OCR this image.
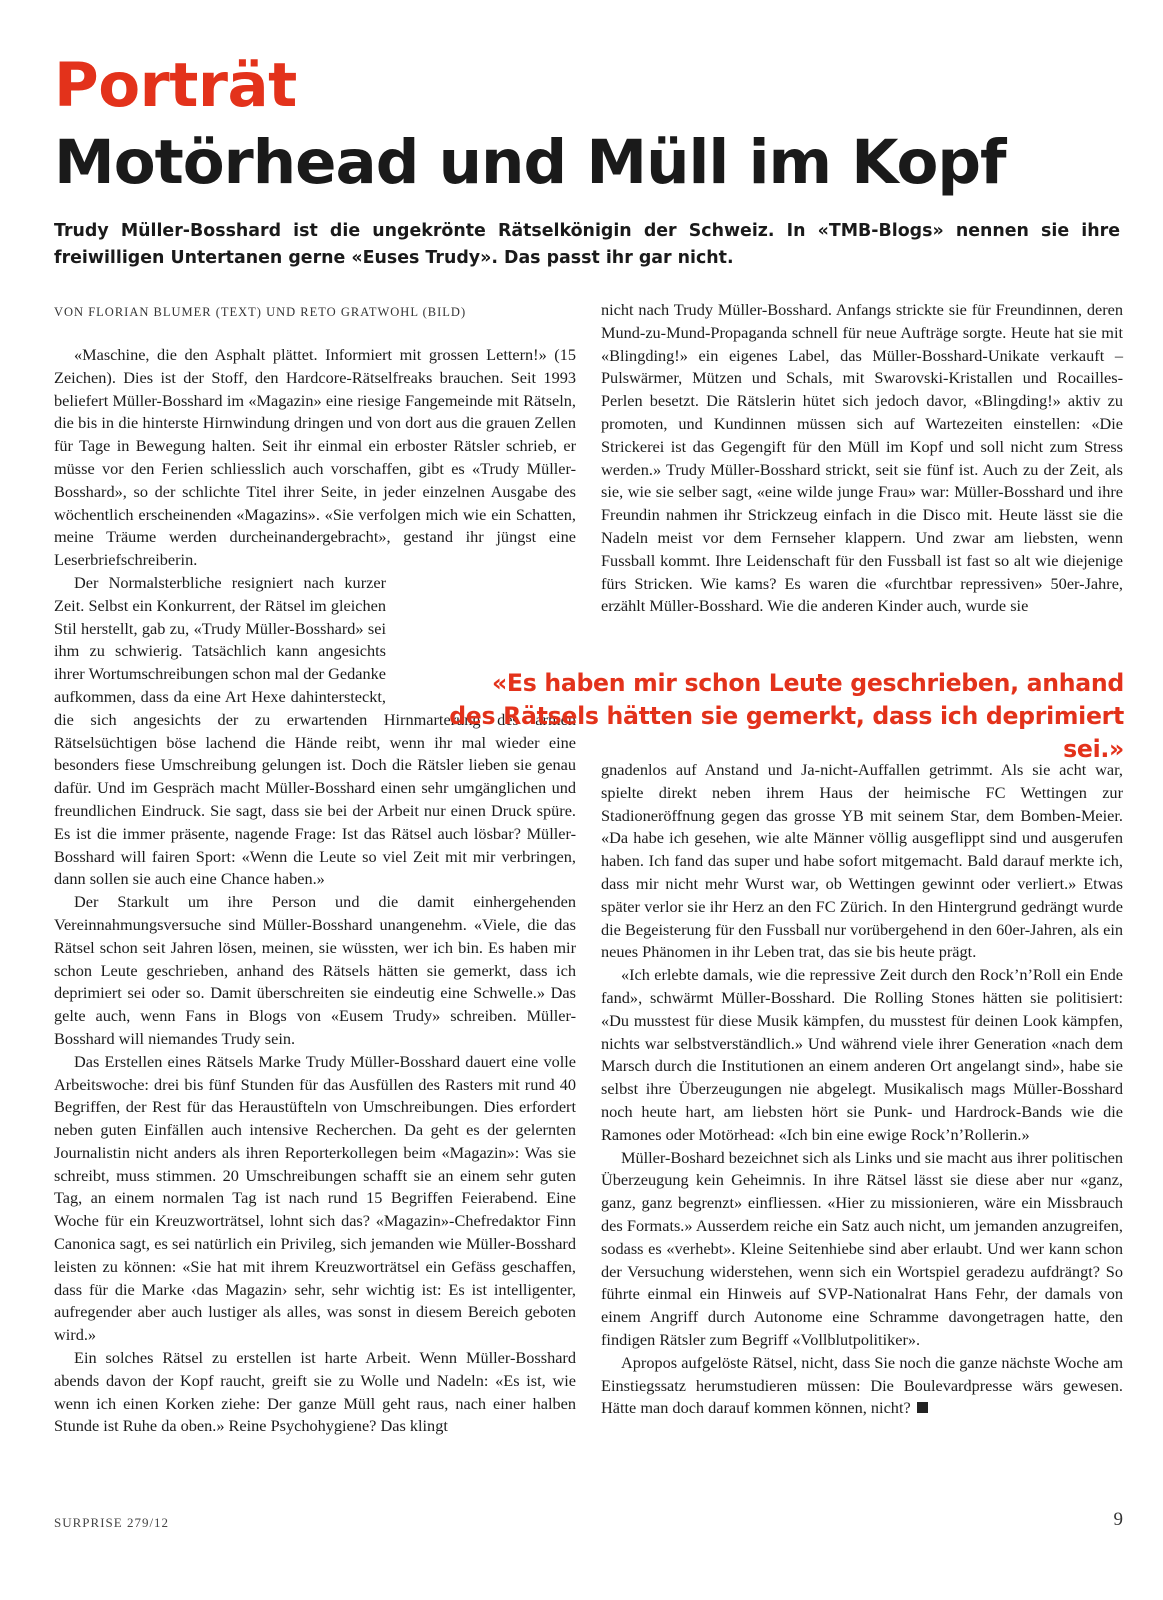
Porträt
Motörhead und Müll im Kopf

Trudy Müller-Bosshard ist die ungekrönte Rätselkönigin der Schweiz. In «TMB-Blogs» nennen sie ihre freiwilligen Untertanen gerne «Euses Trudy». Das passt ihr gar nicht.

VON FLORIAN BLUMER (TEXT) UND RETO GRATWOHL (BILD)

«Maschine, die den Asphalt plättet. Informiert mit grossen Lettern!» (15 Zeichen). Dies ist der Stoff, den Hardcore-Rätselfreaks brauchen. Seit 1993 beliefert Müller-Bosshard im «Magazin» eine riesige Fangemeinde mit Rätseln, die bis in die hinterste Hirnwindung dringen und von dort aus die grauen Zellen für Tage in Bewegung halten. Seit ihr einmal ein erboster Rätsler schrieb, er müsse vor den Ferien schliesslich auch vorschaffen, gibt es «Trudy Müller-Bosshard», so der schlichte Titel ihrer Seite, in jeder einzelnen Ausgabe des wöchentlich erscheinenden «Magazins». «Sie verfolgen mich wie ein Schatten, meine Träume werden durcheinandergebracht», gestand ihr jüngst eine Leserbriefschreiberin.

Der Normalsterbliche resigniert nach kurzer Zeit. Selbst ein Konkurrent, der Rätsel im gleichen Stil herstellt, gab zu, «Trudy Müller-Bosshard» sei ihm zu schwierig. Tatsächlich kann angesichts ihrer Wortumschreibungen schon mal der Gedanke aufkommen, dass da eine Art Hexe dahintersteckt, die sich angesichts der zu erwartenden Hirnmarterung des armen Rätselsüchtigen böse lachend die Hände reibt, wenn ihr mal wieder eine besonders fiese Umschreibung gelungen ist. Doch die Rätsler lieben sie genau dafür. Und im Gespräch macht Müller-Bosshard einen sehr umgänglichen und freundlichen Eindruck. Sie sagt, dass sie bei der Arbeit nur einen Druck spüre. Es ist die immer präsente, nagende Frage: Ist das Rätsel auch lösbar? Müller-Bosshard will fairen Sport: «Wenn die Leute so viel Zeit mit mir verbringen, dann sollen sie auch eine Chance haben.»

Der Starkult um ihre Person und die damit einhergehenden Vereinnahmungsversuche sind Müller-Bosshard unangenehm. «Viele, die das Rätsel schon seit Jahren lösen, meinen, sie wüssten, wer ich bin. Es haben mir schon Leute geschrieben, anhand des Rätsels hätten sie gemerkt, dass ich deprimiert sei oder so. Damit überschreiten sie eindeutig eine Schwelle.» Das gelte auch, wenn Fans in Blogs von «Eusem Trudy» schreiben. Müller-Bosshard will niemandes Trudy sein.

Das Erstellen eines Rätsels Marke Trudy Müller-Bosshard dauert eine volle Arbeitswoche: drei bis fünf Stunden für das Ausfüllen des Rasters mit rund 40 Begriffen, der Rest für das Heraustüfteln von Umschreibungen. Dies erfordert neben guten Einfällen auch intensive Recherchen. Da geht es der gelernten Journalistin nicht anders als ihren Reporterkollegen beim «Magazin»: Was sie schreibt, muss stimmen. 20 Umschreibungen schafft sie an einem sehr guten Tag, an einem normalen Tag ist nach rund 15 Begriffen Feierabend. Eine Woche für ein Kreuzworträtsel, lohnt sich das? «Magazin»-Chefredaktor Finn Canonica sagt, es sei natürlich ein Privileg, sich jemanden wie Müller-Bosshard leisten zu können: «Sie hat mit ihrem Kreuzworträtsel ein Gefäss geschaffen, dass für die Marke ‹das Magazin› sehr, sehr wichtig ist: Es ist intelligenter, aufregender aber auch lustiger als alles, was sonst in diesem Bereich geboten wird.»

Ein solches Rätsel zu erstellen ist harte Arbeit. Wenn Müller-Bosshard abends davon der Kopf raucht, greift sie zu Wolle und Nadeln: «Es ist, wie wenn ich einen Korken ziehe: Der ganze Müll geht raus, nach einer halben Stunde ist Ruhe da oben.» Reine Psychohygiene? Das klingt

nicht nach Trudy Müller-Bosshard. Anfangs strickte sie für Freundinnen, deren Mund-zu-Mund-Propaganda schnell für neue Aufträge sorgte. Heute hat sie mit «Blingding!» ein eigenes Label, das Müller-Bosshard-Unikate verkauft – Pulswärmer, Mützen und Schals, mit Swarovski-Kristallen und Rocailles-Perlen besetzt. Die Rätslerin hütet sich jedoch davor, «Blingding!» aktiv zu promoten, und Kundinnen müssen sich auf Wartezeiten einstellen: «Die Strickerei ist das Gegengift für den Müll im Kopf und soll nicht zum Stress werden.» Trudy Müller-Bosshard strickt, seit sie fünf ist. Auch zu der Zeit, als sie, wie sie selber sagt, «eine wilde junge Frau» war: Müller-Bosshard und ihre Freundin nahmen ihr Strickzeug einfach in die Disco mit. Heute lässt sie die Nadeln meist vor dem Fernseher klappern. Und zwar am liebsten, wenn Fussball kommt. Ihre Leidenschaft für den Fussball ist fast so alt wie diejenige fürs Stricken. Wie kams? Es waren die «furchtbar repressiven» 50er-Jahre, erzählt Müller-Bosshard. Wie die anderen Kinder auch, wurde sie

«Es haben mir schon Leute geschrieben, anhand des Rätsels hätten sie gemerkt, dass ich deprimiert sei.»

gnadenlos auf Anstand und Ja-nicht-Auffallen getrimmt. Als sie acht war, spielte direkt neben ihrem Haus der heimische FC Wettingen zur Stadioneröffnung gegen das grosse YB mit seinem Star, dem Bomben-Meier. «Da habe ich gesehen, wie alte Männer völlig ausgeflippt sind und ausgerufen haben. Ich fand das super und habe sofort mitgemacht. Bald darauf merkte ich, dass mir nicht mehr Wurst war, ob Wettingen gewinnt oder verliert.» Etwas später verlor sie ihr Herz an den FC Zürich. In den Hintergrund gedrängt wurde die Begeisterung für den Fussball nur vorübergehend in den 60er-Jahren, als ein neues Phänomen in ihr Leben trat, das sie bis heute prägt.

«Ich erlebte damals, wie die repressive Zeit durch den Rock’n’Roll ein Ende fand», schwärmt Müller-Bosshard. Die Rolling Stones hätten sie politisiert: «Du musstest für diese Musik kämpfen, du musstest für deinen Look kämpfen, nichts war selbstverständlich.» Und während viele ihrer Generation «nach dem Marsch durch die Institutionen an einem anderen Ort angelangt sind», habe sie selbst ihre Überzeugungen nie abgelegt. Musikalisch mags Müller-Bosshard noch heute hart, am liebsten hört sie Punk- und Hardrock-Bands wie die Ramones oder Motörhead: «Ich bin eine ewige Rock’n’Rollerin.»

Müller-Boshard bezeichnet sich als Links und sie macht aus ihrer politischen Überzeugung kein Geheimnis. In ihre Rätsel lässt sie diese aber nur «ganz, ganz, ganz begrenzt» einfliessen. «Hier zu missionieren, wäre ein Missbrauch des Formats.» Ausserdem reiche ein Satz auch nicht, um jemanden anzugreifen, sodass es «verhebt». Kleine Seitenhiebe sind aber erlaubt. Und wer kann schon der Versuchung widerstehen, wenn sich ein Wortspiel geradezu aufdrängt? So führte einmal ein Hinweis auf SVP-Nationalrat Hans Fehr, der damals von einem Angriff durch Autonome eine Schramme davongetragen hatte, den findigen Rätsler zum Begriff «Vollblutpolitiker».

Apropos aufgelöste Rätsel, nicht, dass Sie noch die ganze nächste Woche am Einstiegssatz herumstudieren müssen: Die Boulevardpresse wärs gewesen. Hätte man doch darauf kommen können, nicht?

SURPRISE 279/12	9
